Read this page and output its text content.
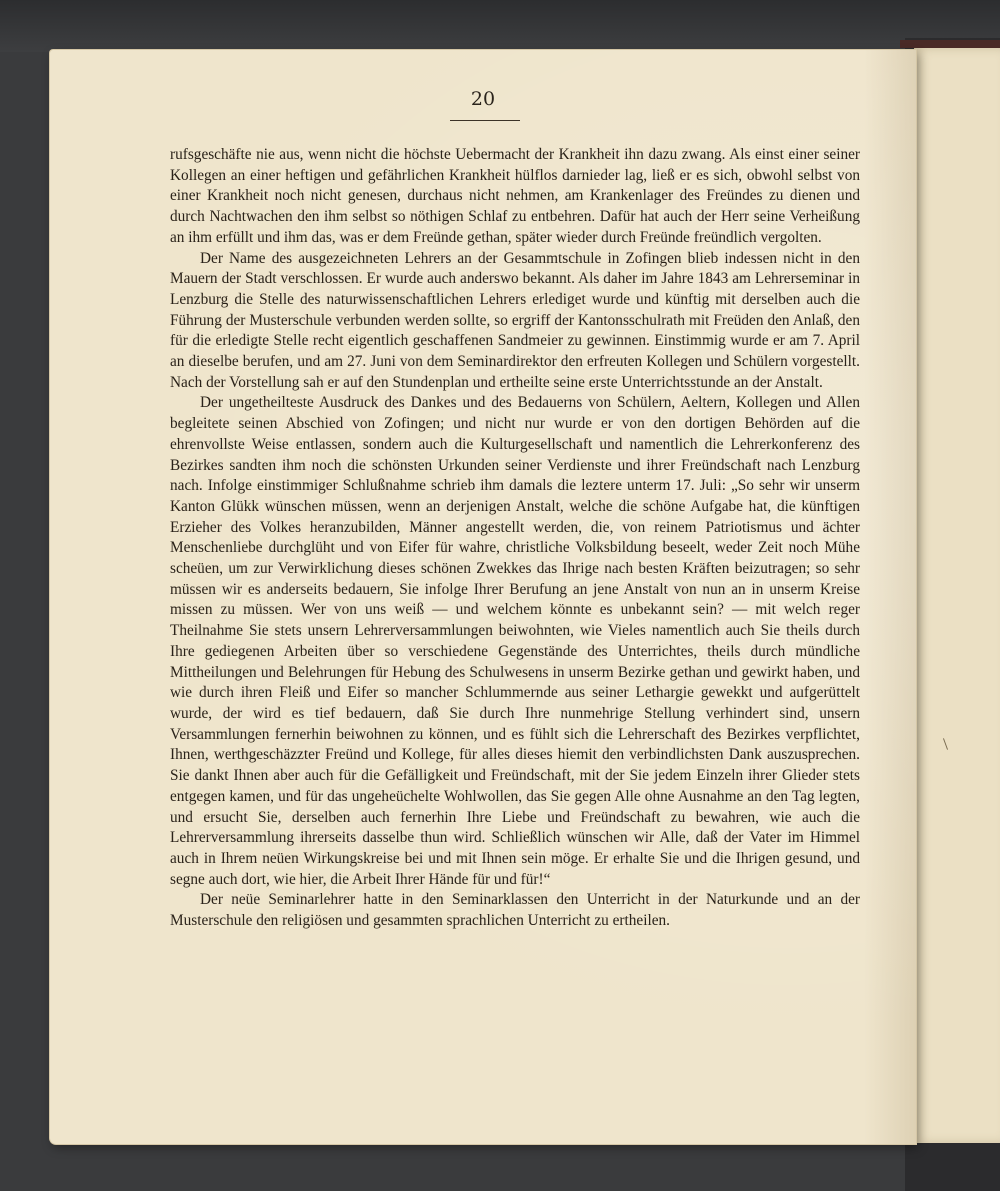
20

rufsgeschäfte nie aus, wenn nicht die höchste Uebermacht der Krankheit ihn dazu zwang. Als einst einer seiner Kollegen an einer heftigen und gefährlichen Krankheit hülflos darnieder lag, ließ er es sich, obwohl selbst von einer Krankheit noch nicht genesen, durchaus nicht nehmen, am Krankenlager des Freündes zu dienen und durch Nachtwachen den ihm selbst so nöthigen Schlaf zu entbehren. Dafür hat auch der Herr seine Verheißung an ihm erfüllt und ihm das, was er dem Freünde gethan, später wieder durch Freünde freündlich vergolten.

Der Name des ausgezeichneten Lehrers an der Gesammtschule in Zofingen blieb indessen nicht in den Mauern der Stadt verschlossen. Er wurde auch anderswo bekannt. Als daher im Jahre 1843 am Lehrerseminar in Lenzburg die Stelle des naturwissenschaftlichen Lehrers erlediget wurde und künftig mit derselben auch die Führung der Musterschule verbunden werden sollte, so ergriff der Kantonsschulrath mit Freüden den Anlaß, den für die erledigte Stelle recht eigentlich geschaffenen Sandmeier zu gewinnen. Einstimmig wurde er am 7. April an dieselbe berufen, und am 27. Juni von dem Seminardirektor den erfreuten Kollegen und Schülern vorgestellt. Nach der Vorstellung sah er auf den Stundenplan und ertheilte seine erste Unterrichtsstunde an der Anstalt.

Der ungetheilteste Ausdruck des Dankes und des Bedauerns von Schülern, Aeltern, Kollegen und Allen begleitete seinen Abschied von Zofingen; und nicht nur wurde er von den dortigen Behörden auf die ehrenvollste Weise entlassen, sondern auch die Kulturgesellschaft und namentlich die Lehrerkonferenz des Bezirkes sandten ihm noch die schönsten Urkunden seiner Verdienste und ihrer Freündschaft nach Lenzburg nach. Infolge einstimmiger Schlußnahme schrieb ihm damals die leztere unterm 17. Juli: „So sehr wir unserm Kanton Glükk wünschen müssen, wenn an derjenigen Anstalt, welche die schöne Aufgabe hat, die künftigen Erzieher des Volkes heranzubilden, Männer angestellt werden, die, von reinem Patriotismus und ächter Menschenliebe durchglüht und von Eifer für wahre, christliche Volksbildung beseelt, weder Zeit noch Mühe scheüen, um zur Verwirklichung dieses schönen Zwekkes das Ihrige nach besten Kräften beizutragen; so sehr müssen wir es anderseits bedauern, Sie infolge Ihrer Berufung an jene Anstalt von nun an in unserm Kreise missen zu müssen. Wer von uns weiß — und welchem könnte es unbekannt sein? — mit welch reger Theilnahme Sie stets unsern Lehrerversammlungen beiwohnten, wie Vieles namentlich auch Sie theils durch Ihre gediegenen Arbeiten über so verschiedene Gegenstände des Unterrichtes, theils durch mündliche Mittheilungen und Belehrungen für Hebung des Schulwesens in unserm Bezirke gethan und gewirkt haben, und wie durch ihren Fleiß und Eifer so mancher Schlummernde aus seiner Lethargie gewekkt und aufgerüttelt wurde, der wird es tief bedauern, daß Sie durch Ihre nunmehrige Stellung verhindert sind, unsern Versammlungen fernerhin beiwohnen zu können, und es fühlt sich die Lehrerschaft des Bezirkes verpflichtet, Ihnen, werthgeschäzzter Freünd und Kollege, für alles dieses hiemit den verbindlichsten Dank auszusprechen. Sie dankt Ihnen aber auch für die Gefälligkeit und Freündschaft, mit der Sie jedem Einzeln ihrer Glieder stets entgegen kamen, und für das ungeheüchelte Wohlwollen, das Sie gegen Alle ohne Ausnahme an den Tag legten, und ersucht Sie, derselben auch fernerhin Ihre Liebe und Freündschaft zu bewahren, wie auch die Lehrerversammlung ihrerseits dasselbe thun wird. Schließlich wünschen wir Alle, daß der Vater im Himmel auch in Ihrem neüen Wirkungskreise bei und mit Ihnen sein möge. Er erhalte Sie und die Ihrigen gesund, und segne auch dort, wie hier, die Arbeit Ihrer Hände für und für!“

Der neüe Seminarlehrer hatte in den Seminarklassen den Unterricht in der Naturkunde und an der Musterschule den religiösen und gesammten sprachlichen Unterricht zu ertheilen.
